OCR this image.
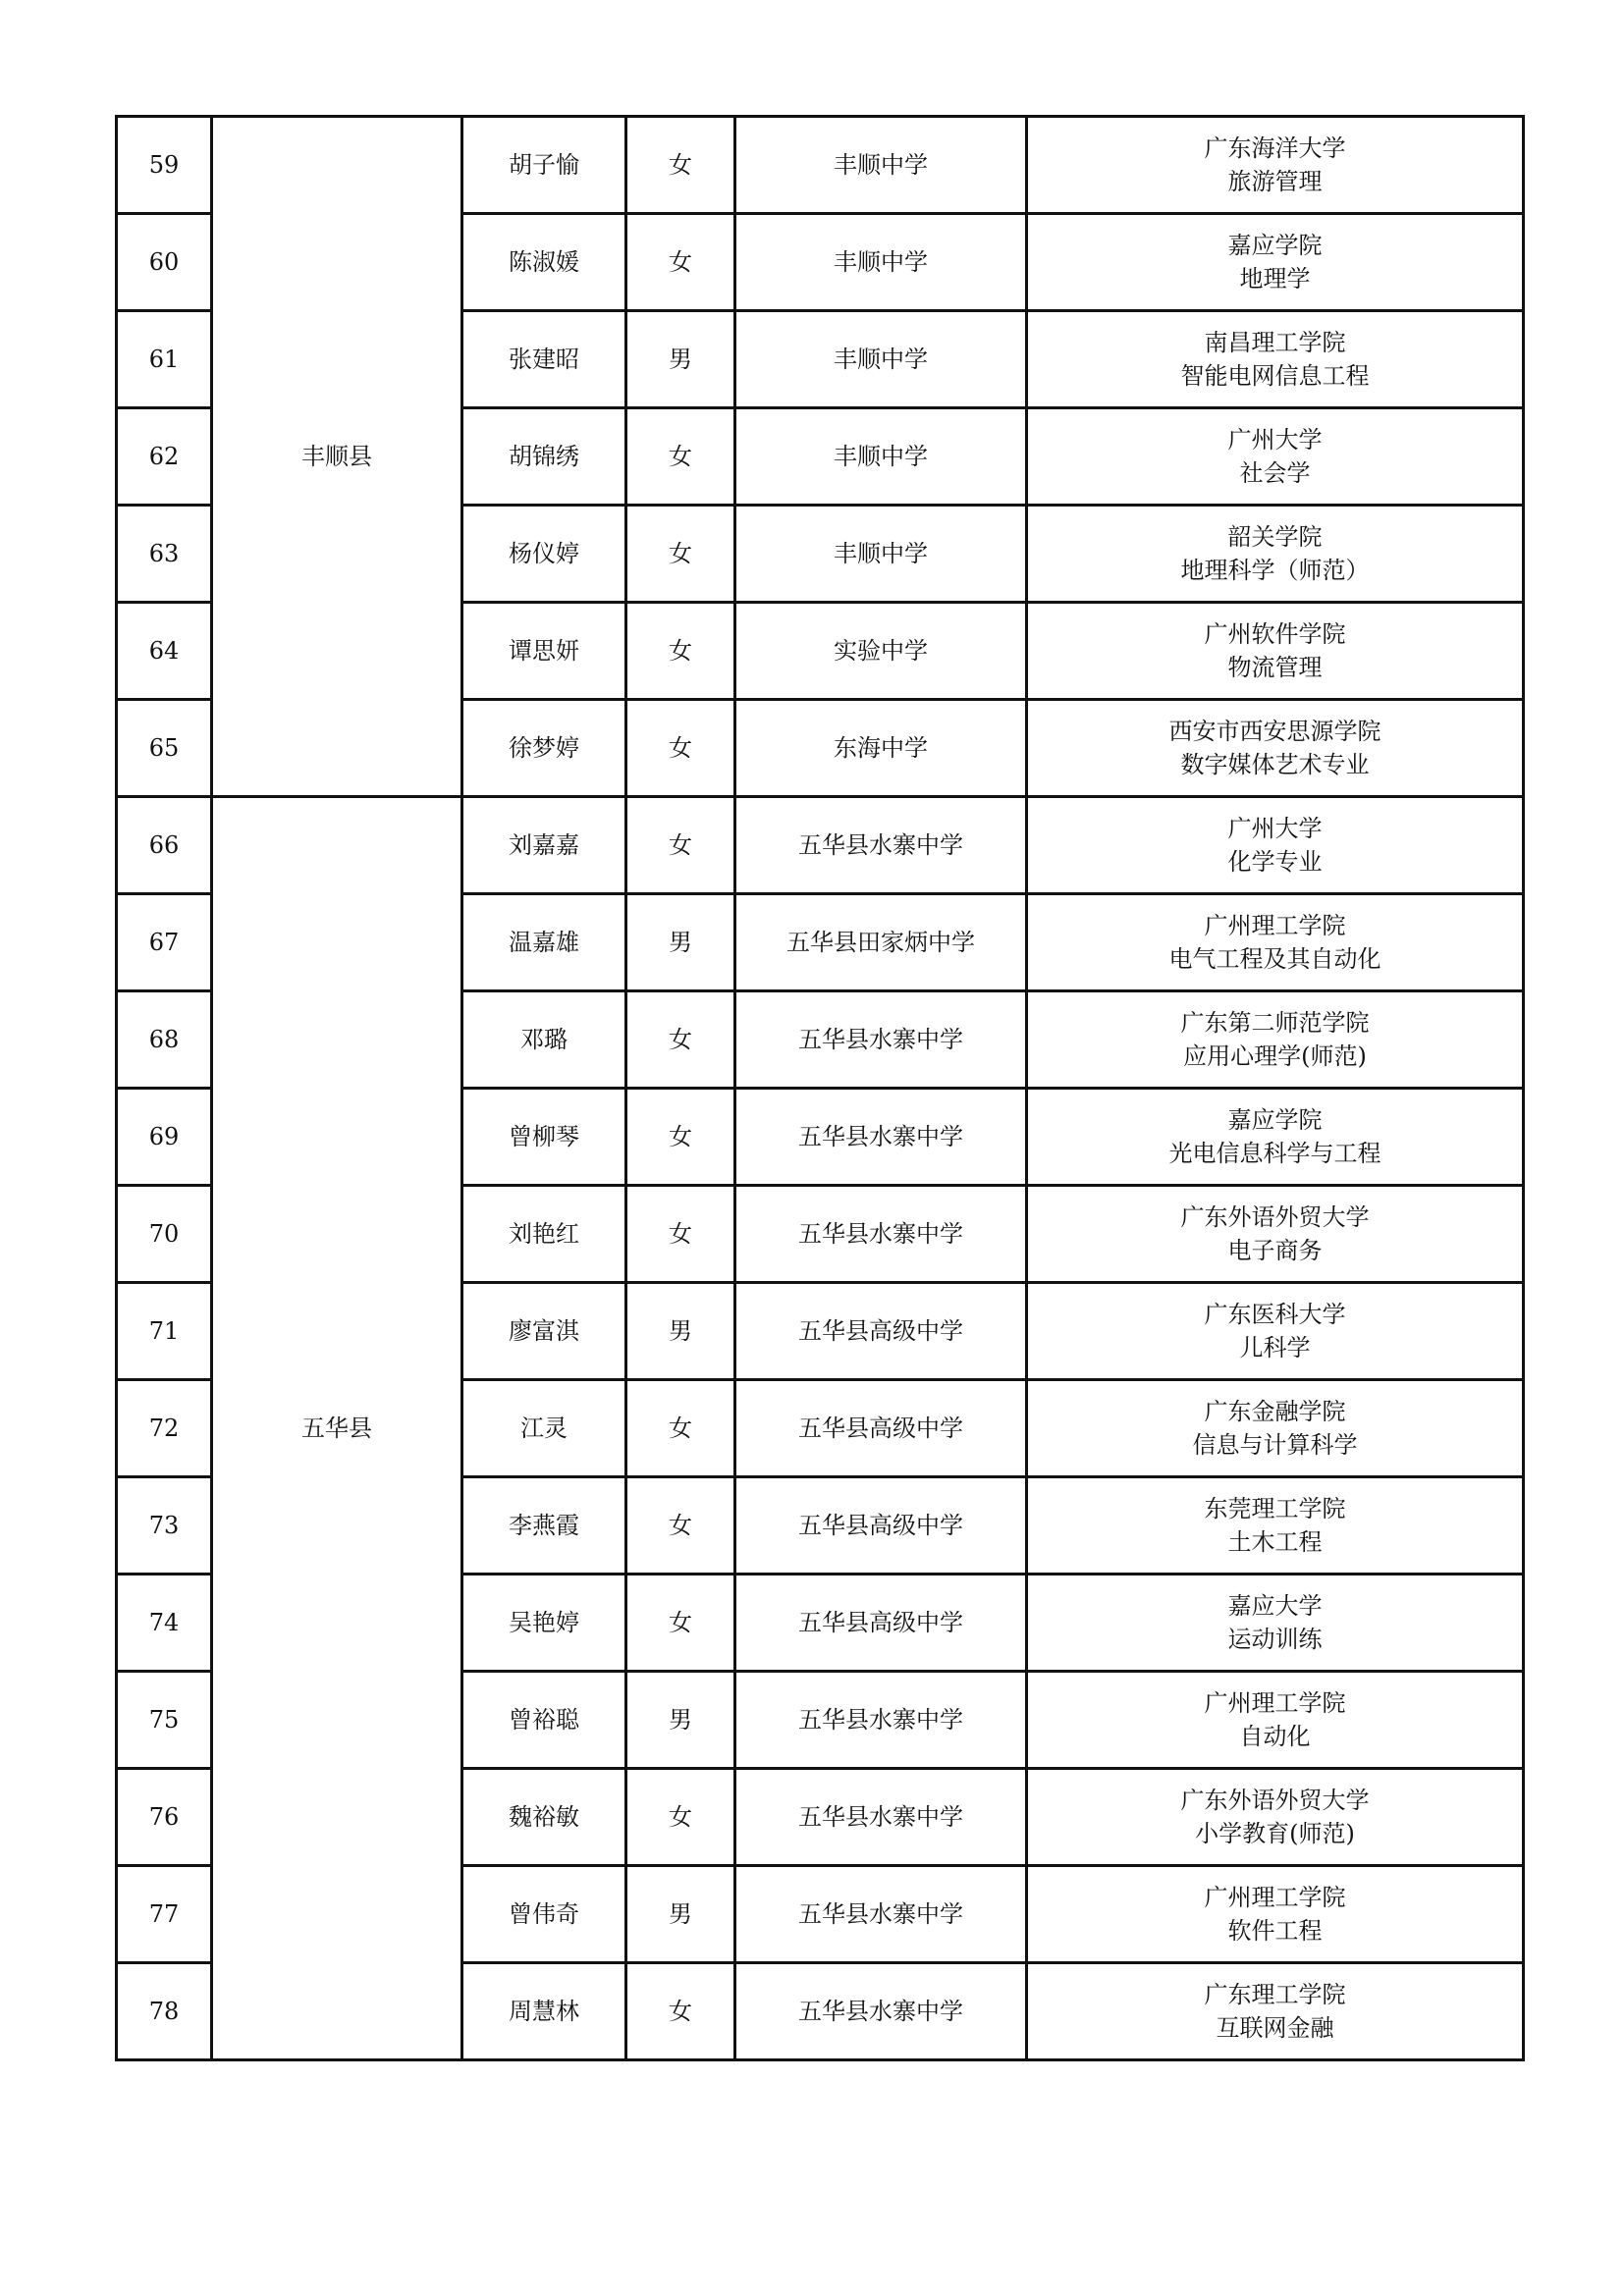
59	丰顺县	胡子愉	女	丰顺中学	广东海洋大学
旅游管理

60		陈淑媛	女	丰顺中学	嘉应学院
地理学

61		张建昭	男	丰顺中学	南昌理工学院
智能电网信息工程

62		胡锦绣	女	丰顺中学	广州大学
社会学

63		杨仪婷	女	丰顺中学	韶关学院
地理科学（师范）

64		谭思妍	女	实验中学	广州软件学院
物流管理

65		徐梦婷	女	东海中学	西安市西安思源学院
数字媒体艺术专业

66	五华县	刘嘉嘉	女	五华县水寨中学	广州大学
化学专业

67		温嘉雄	男	五华县田家炳中学	广州理工学院
电气工程及其自动化

68		邓璐	女	五华县水寨中学	广东第二师范学院
应用心理学(师范)

69		曾柳琴	女	五华县水寨中学	嘉应学院
光电信息科学与工程

70		刘艳红	女	五华县水寨中学	广东外语外贸大学
电子商务

71		廖富淇	男	五华县高级中学	广东医科大学
儿科学

72		江灵	女	五华县高级中学	广东金融学院
信息与计算科学

73		李燕霞	女	五华县高级中学	东莞理工学院
土木工程

74		吴艳婷	女	五华县高级中学	嘉应大学
运动训练

75		曾裕聪	男	五华县水寨中学	广州理工学院
自动化

76		魏裕敏	女	五华县水寨中学	广东外语外贸大学
小学教育(师范)

77		曾伟奇	男	五华县水寨中学	广州理工学院
软件工程

78		周慧林	女	五华县水寨中学	广东理工学院
互联网金融
